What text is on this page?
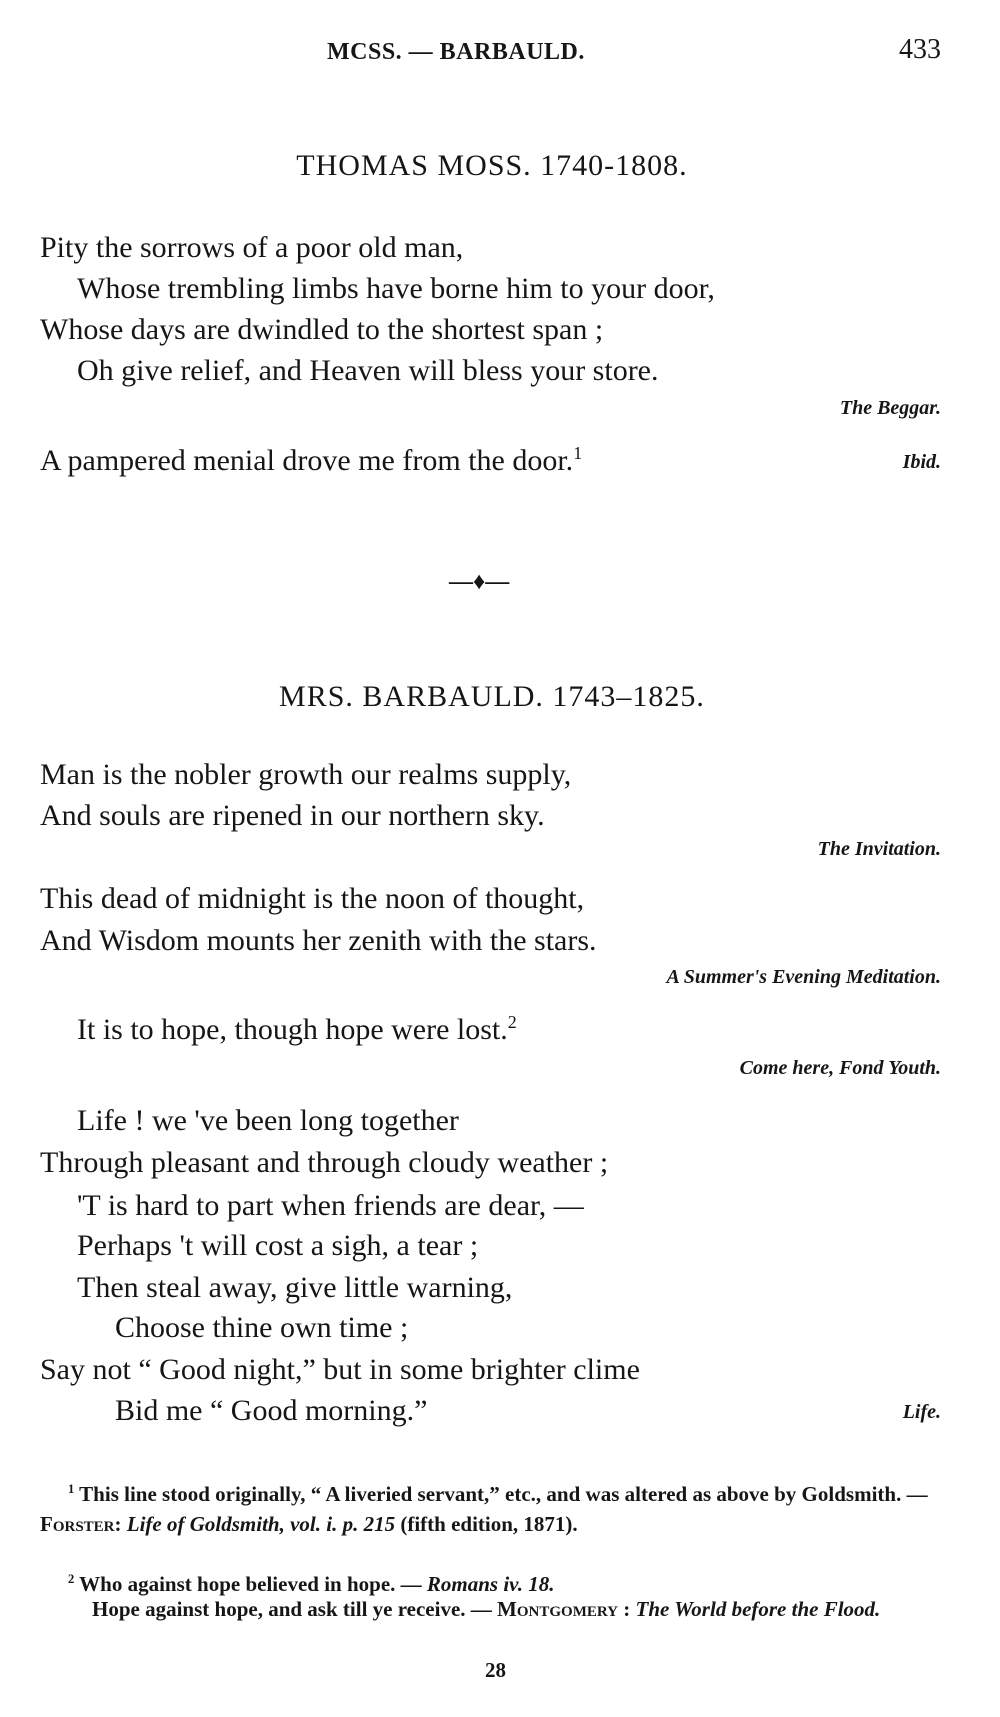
MCSS. — BARBAULD.	433
THOMAS MOSS. 1740-1808.
Pity the sorrows of a poor old man,
Whose trembling limbs have borne him to your door,
Whose days are dwindled to the shortest span ;
Oh give relief, and Heaven will bless your store.
The Beggar.
A pampered menial drove me from the door.$^1$	Ibid.
—♦—
MRS. BARBAULD. 1743–1825.
Man is the nobler growth our realms supply,
And souls are ripened in our northern sky.
The Invitation.
This dead of midnight is the noon of thought,
And Wisdom mounts her zenith with the stars.
A Summer's Evening Meditation.
It is to hope, though hope were lost.$^2$
Come here, Fond Youth.
Life ! we 've been long together
Through pleasant and through cloudy weather ;
'T is hard to part when friends are dear, —
Perhaps 't will cost a sigh, a tear ;
Then steal away, give little warning,
Choose thine own time ;
Say not “ Good night,” but in some brighter clime
Bid me “ Good morning.”	Life.
$^1$ This line stood originally, “ A liveried servant,” etc., and was altered as above by Goldsmith. — Forster: Life of Goldsmith, vol. i. p. 215 (fifth edition, 1871).
$^2$ Who against hope believed in hope. — Romans iv. 18.
Hope against hope, and ask till ye receive. — Montgomery : The World before the Flood.
28
